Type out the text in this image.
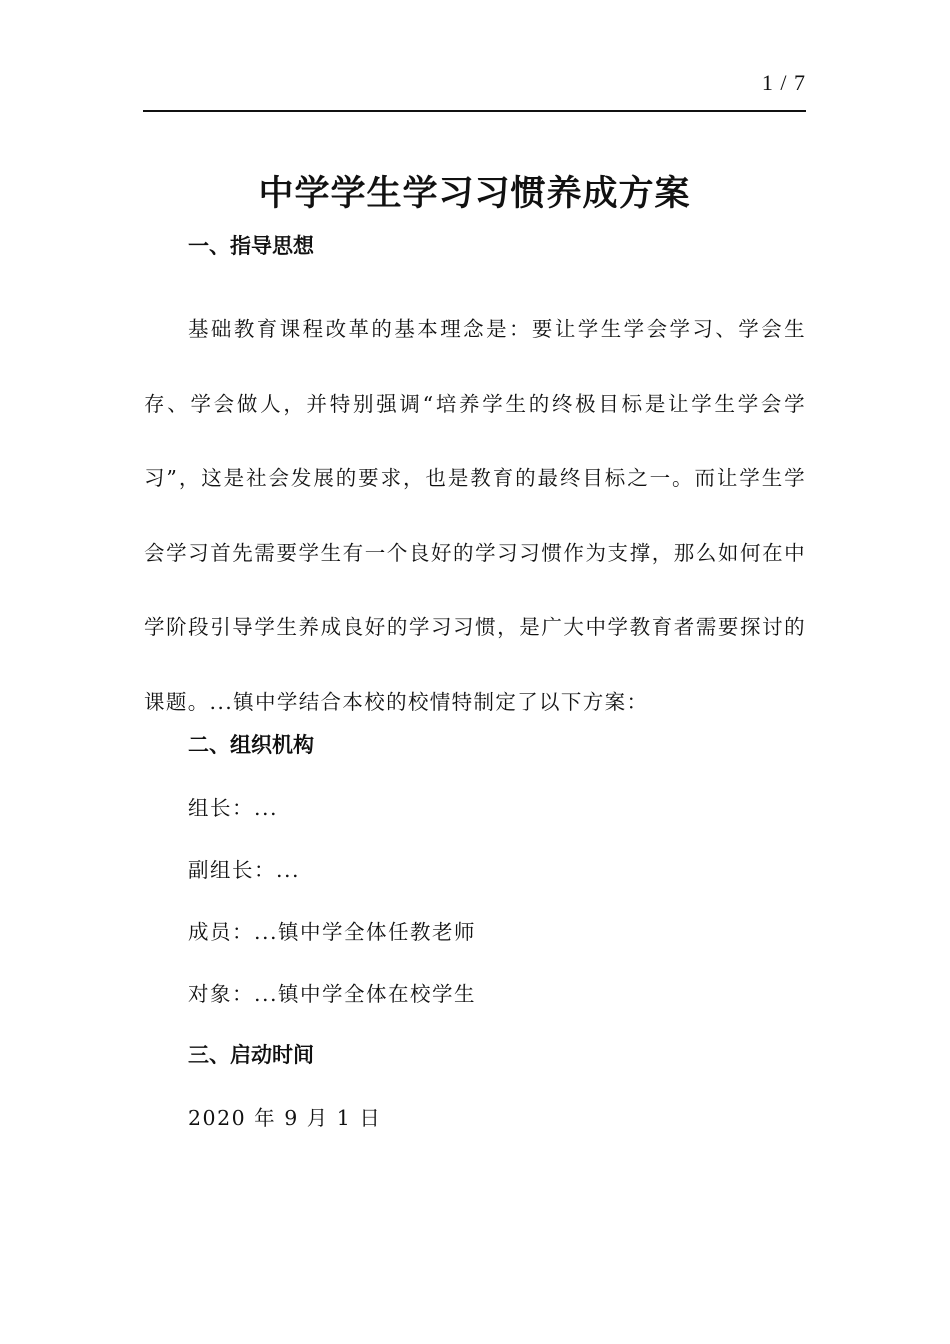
1 / 7
中学学生学习习惯养成方案
一、指导思想

基础教育课程改革的基本理念是：要让学生学会学习、学会生存、学会做人，并特别强调“培养学生的终极目标是让学生学会学习”，这是社会发展的要求，也是教育的最终目标之一。而让学生学会学习首先需要学生有一个良好的学习习惯作为支撑，那么如何在中学阶段引导学生养成良好的学习习惯，是广大中学教育者需要探讨的课题。...镇中学结合本校的校情特制定了以下方案：

二、组织机构

组长：...

副组长：...

成员：...镇中学全体任教老师

对象：...镇中学全体在校学生

三、启动时间

2020 年 9 月 1 日
